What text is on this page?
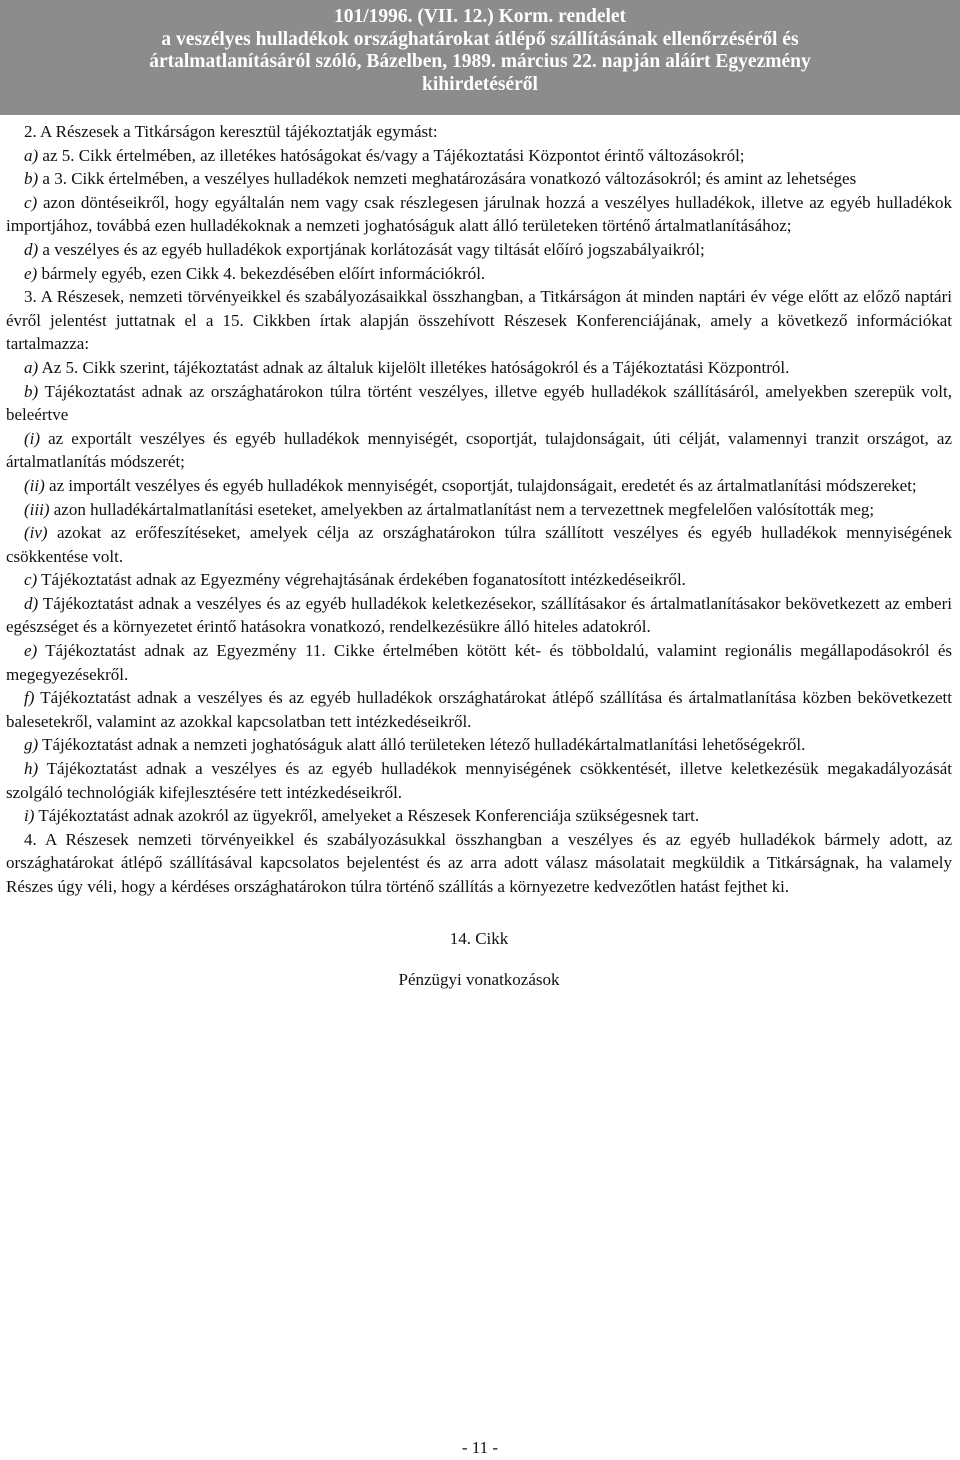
101/1996. (VII. 12.) Korm. rendelet
a veszélyes hulladékok országhatárokat átlépő szállításának ellenőrzéséről és
ártalmatlanításáról szóló, Bázelben, 1989. március 22. napján aláírt Egyezmény
kihirdetéséről

2. A Részesek a Titkárságon keresztül tájékoztatják egymást:

a) az 5. Cikk értelmében, az illetékes hatóságokat és/vagy a Tájékoztatási Központot érintő változásokról;

b) a 3. Cikk értelmében, a veszélyes hulladékok nemzeti meghatározására vonatkozó változásokról; és amint az lehetséges

c) azon döntéseikről, hogy egyáltalán nem vagy csak részlegesen járulnak hozzá a veszélyes hulladékok, illetve az egyéb hulladékok importjához, továbbá ezen hulladékoknak a nemzeti joghatóságuk alatt álló területeken történő ártalmatlanításához;

d) a veszélyes és az egyéb hulladékok exportjának korlátozását vagy tiltását előíró jogszabályaikról;

e) bármely egyéb, ezen Cikk 4. bekezdésében előírt információkról.

3. A Részesek, nemzeti törvényeikkel és szabályozásaikkal összhangban, a Titkárságon át minden naptári év vége előtt az előző naptári évről jelentést juttatnak el a 15. Cikkben írtak alapján összehívott Részesek Konferenciájának, amely a következő információkat tartalmazza:

a) Az 5. Cikk szerint, tájékoztatást adnak az általuk kijelölt illetékes hatóságokról és a Tájékoztatási Központról.

b) Tájékoztatást adnak az országhatárokon túlra történt veszélyes, illetve egyéb hulladékok szállításáról, amelyekben szerepük volt, beleértve

(i) az exportált veszélyes és egyéb hulladékok mennyiségét, csoportját, tulajdonságait, úti célját, valamennyi tranzit országot, az ártalmatlanítás módszerét;

(ii) az importált veszélyes és egyéb hulladékok mennyiségét, csoportját, tulajdonságait, eredetét és az ártalmatlanítási módszereket;

(iii) azon hulladékártalmatlanítási eseteket, amelyekben az ártalmatlanítást nem a tervezettnek megfelelően valósították meg;

(iv) azokat az erőfeszítéseket, amelyek célja az országhatárokon túlra szállított veszélyes és egyéb hulladékok mennyiségének csökkentése volt.

c) Tájékoztatást adnak az Egyezmény végrehajtásának érdekében foganatosított intézkedéseikről.

d) Tájékoztatást adnak a veszélyes és az egyéb hulladékok keletkezésekor, szállításakor és ártalmatlanításakor bekövetkezett az emberi egészséget és a környezetet érintő hatásokra vonatkozó, rendelkezésükre álló hiteles adatokról.

e) Tájékoztatást adnak az Egyezmény 11. Cikke értelmében kötött két- és többoldalú, valamint regionális megállapodásokról és megegyezésekről.

f) Tájékoztatást adnak a veszélyes és az egyéb hulladékok országhatárokat átlépő szállítása és ártalmatlanítása közben bekövetkezett balesetekről, valamint az azokkal kapcsolatban tett intézkedéseikről.

g) Tájékoztatást adnak a nemzeti joghatóságuk alatt álló területeken létező hulladékártalmatlanítási lehetőségekről.

h) Tájékoztatást adnak a veszélyes és az egyéb hulladékok mennyiségének csökkentését, illetve keletkezésük megakadályozását szolgáló technológiák kifejlesztésére tett intézkedéseikről.

i) Tájékoztatást adnak azokról az ügyekről, amelyeket a Részesek Konferenciája szükségesnek tart.

4. A Részesek nemzeti törvényeikkel és szabályozásukkal összhangban a veszélyes és az egyéb hulladékok bármely adott, az országhatárokat átlépő szállításával kapcsolatos bejelentést és az arra adott válasz másolatait megküldik a Titkárságnak, ha valamely Részes úgy véli, hogy a kérdéses országhatárokon túlra történő szállítás a környezetre kedvezőtlen hatást fejthet ki.

14. Cikk

Pénzügyi vonatkozások

- 11 -
